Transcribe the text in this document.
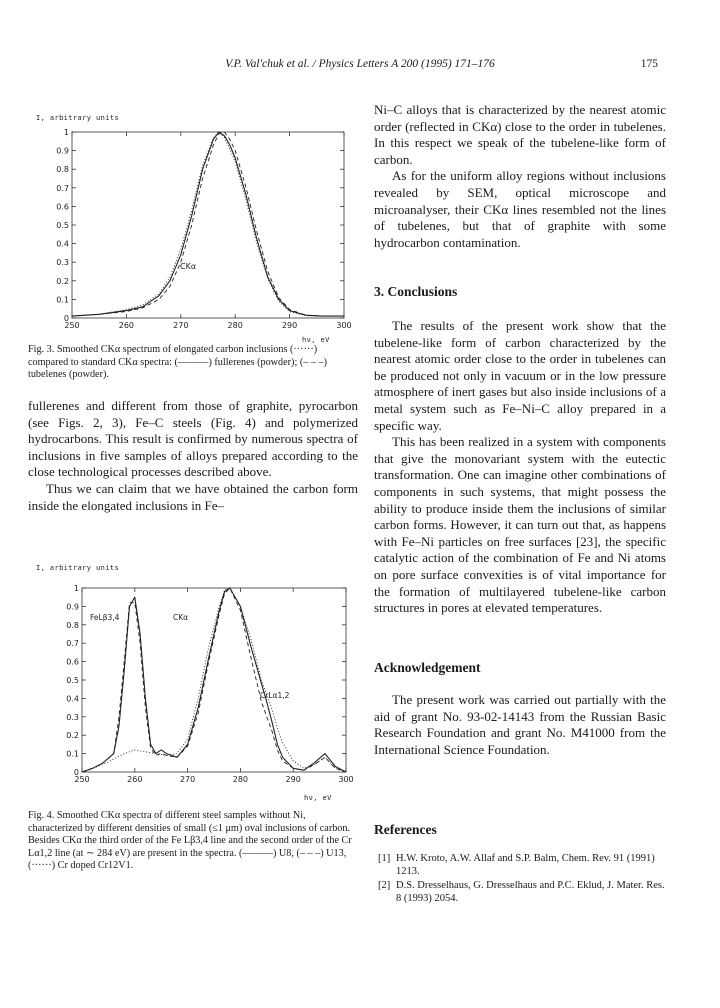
V.P. Val'chuk et al. / Physics Letters A 200 (1995) 171–176	175
I, arbitrary units
CKα
hν, eV
250	260	270	280	290	300
0
0.1
0.2
0.3
0.4
0.5
0.6
0.7
0.8
0.9
1

Fig. 3. Smoothed CKα spectrum of elongated carbon inclusions (······) compared to standard CKα spectra: (———) fullerenes (powder); (– – –) tubelenes (powder).

fullerenes and different from those of graphite, pyrocarbon (see Figs. 2, 3), Fe–C steels (Fig. 4) and polymerized hydrocarbons. This result is confirmed by numerous spectra of inclusions in five samples of alloys prepared according to the close technological processes described above.

Thus we can claim that we have obtained the carbon form inside the elongated inclusions in Fe–

I, arbitrary units
hν, eV
FeLβ3,4	CKα
CrLα1,2
250	260	270	280	290	300
0
0.1
0.2
0.3
0.4
0.5
0.6
0.7
0.8
0.9
1

Fig. 4. Smoothed CKα spectra of different steel samples without Ni, characterized by different densities of small (≤1 μm) oval inclusions of carbon. Besides CKα the third order of the Fe Lβ3,4 line and the second order of the Cr Lα1,2 line (at ∼ 284 eV) are present in the spectra. (———) U8, (– – –) U13, (······) Cr doped Cr12V1.

Ni–C alloys that is characterized by the nearest atomic order (reflected in CKα) close to the order in tubelenes. In this respect we speak of the tubelene-like form of carbon.

As for the uniform alloy regions without inclusions revealed by SEM, optical microscope and microanalyser, their CKα lines resembled not the lines of tubelenes, but that of graphite with some hydrocarbon contamination.

3. Conclusions

The results of the present work show that the tubelene-like form of carbon characterized by the nearest atomic order close to the order in tubelenes can be produced not only in vacuum or in the low pressure atmosphere of inert gases but also inside inclusions of a metal system such as Fe–Ni–C alloy prepared in a specific way.

This has been realized in a system with components that give the monovariant system with the eutectic transformation. One can imagine other combinations of components in such systems, that might possess the ability to produce inside them the inclusions of similar carbon forms. However, it can turn out that, as happens with Fe–Ni particles on free surfaces [23], the specific catalytic action of the combination of Fe and Ni atoms on pore surface convexities is of vital importance for the formation of multilayered tubelene-like carbon structures in pores at elevated temperatures.

Acknowledgement

The present work was carried out partially with the aid of grant No. 93-02-14143 from the Russian Basic Research Foundation and grant No. M41000 from the International Science Foundation.

References
[1] H.W. Kroto, A.W. Allaf and S.P. Balm, Chem. Rev. 91 (1991) 1213.
[2] D.S. Dresselhaus, G. Dresselhaus and P.C. Eklud, J. Mater. Res. 8 (1993) 2054.
